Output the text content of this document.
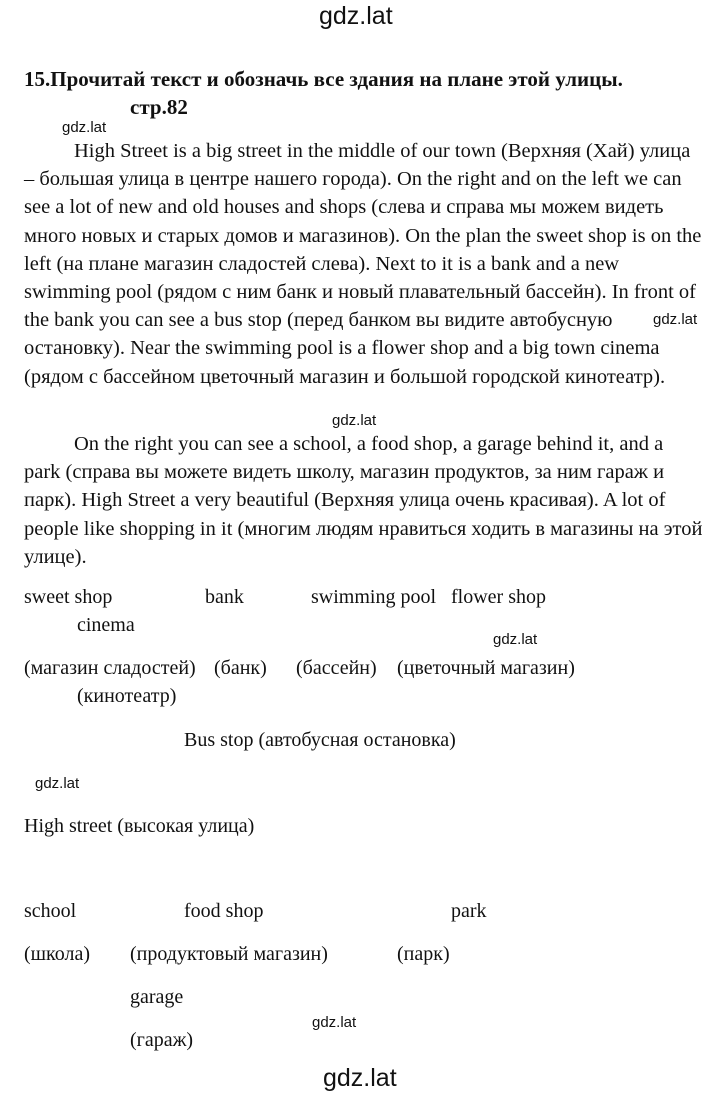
gdz.lat
gdz.lat
gdz.lat
gdz.lat
gdz.lat
gdz.lat
gdz.lat
gdz.lat
15.Прочитай текст и обозначь все здания на плане этой улицы.
стр.82

High Street is a big street in the middle of our town (Верхняя (Хай) улица – большая улица в центре нашего города). On the right and on the left we can see a lot of new and old houses and shops (слева и справа мы можем видеть много новых и старых домов и магазинов). On the plan the sweet shop is on the left (на плане магазин сладостей слева). Next to it is a bank and a new swimming pool (рядом с ним банк и новый плавательный бассейн). In front of the bank you can see a bus stop (перед банком вы видите автобусную остановку). Near the swimming pool is a flower shop and a big town cinema (рядом с бассейном цветочный магазин и большой городской кинотеатр).

On the right you can see a school, a food shop, a garage behind it, and a park (справа вы можете видеть школу, магазин продуктов, за ним гараж и парк). High Street a very beautiful (Верхняя улица очень красивая). A lot of people like shopping in it (многим людям нравиться ходить в магазины на этой улице).

sweet shop	bank	swimming pool flower shop
cinema
(магазин сладостей) (банк) (бассейн) (цветочный магазин)
(кинотеатр)
Bus stop (автобусная остановка)
High street (высокая улица)
school	food shop	park
(школа) (продуктовый магазин)	(парк)
garage
(гараж)
